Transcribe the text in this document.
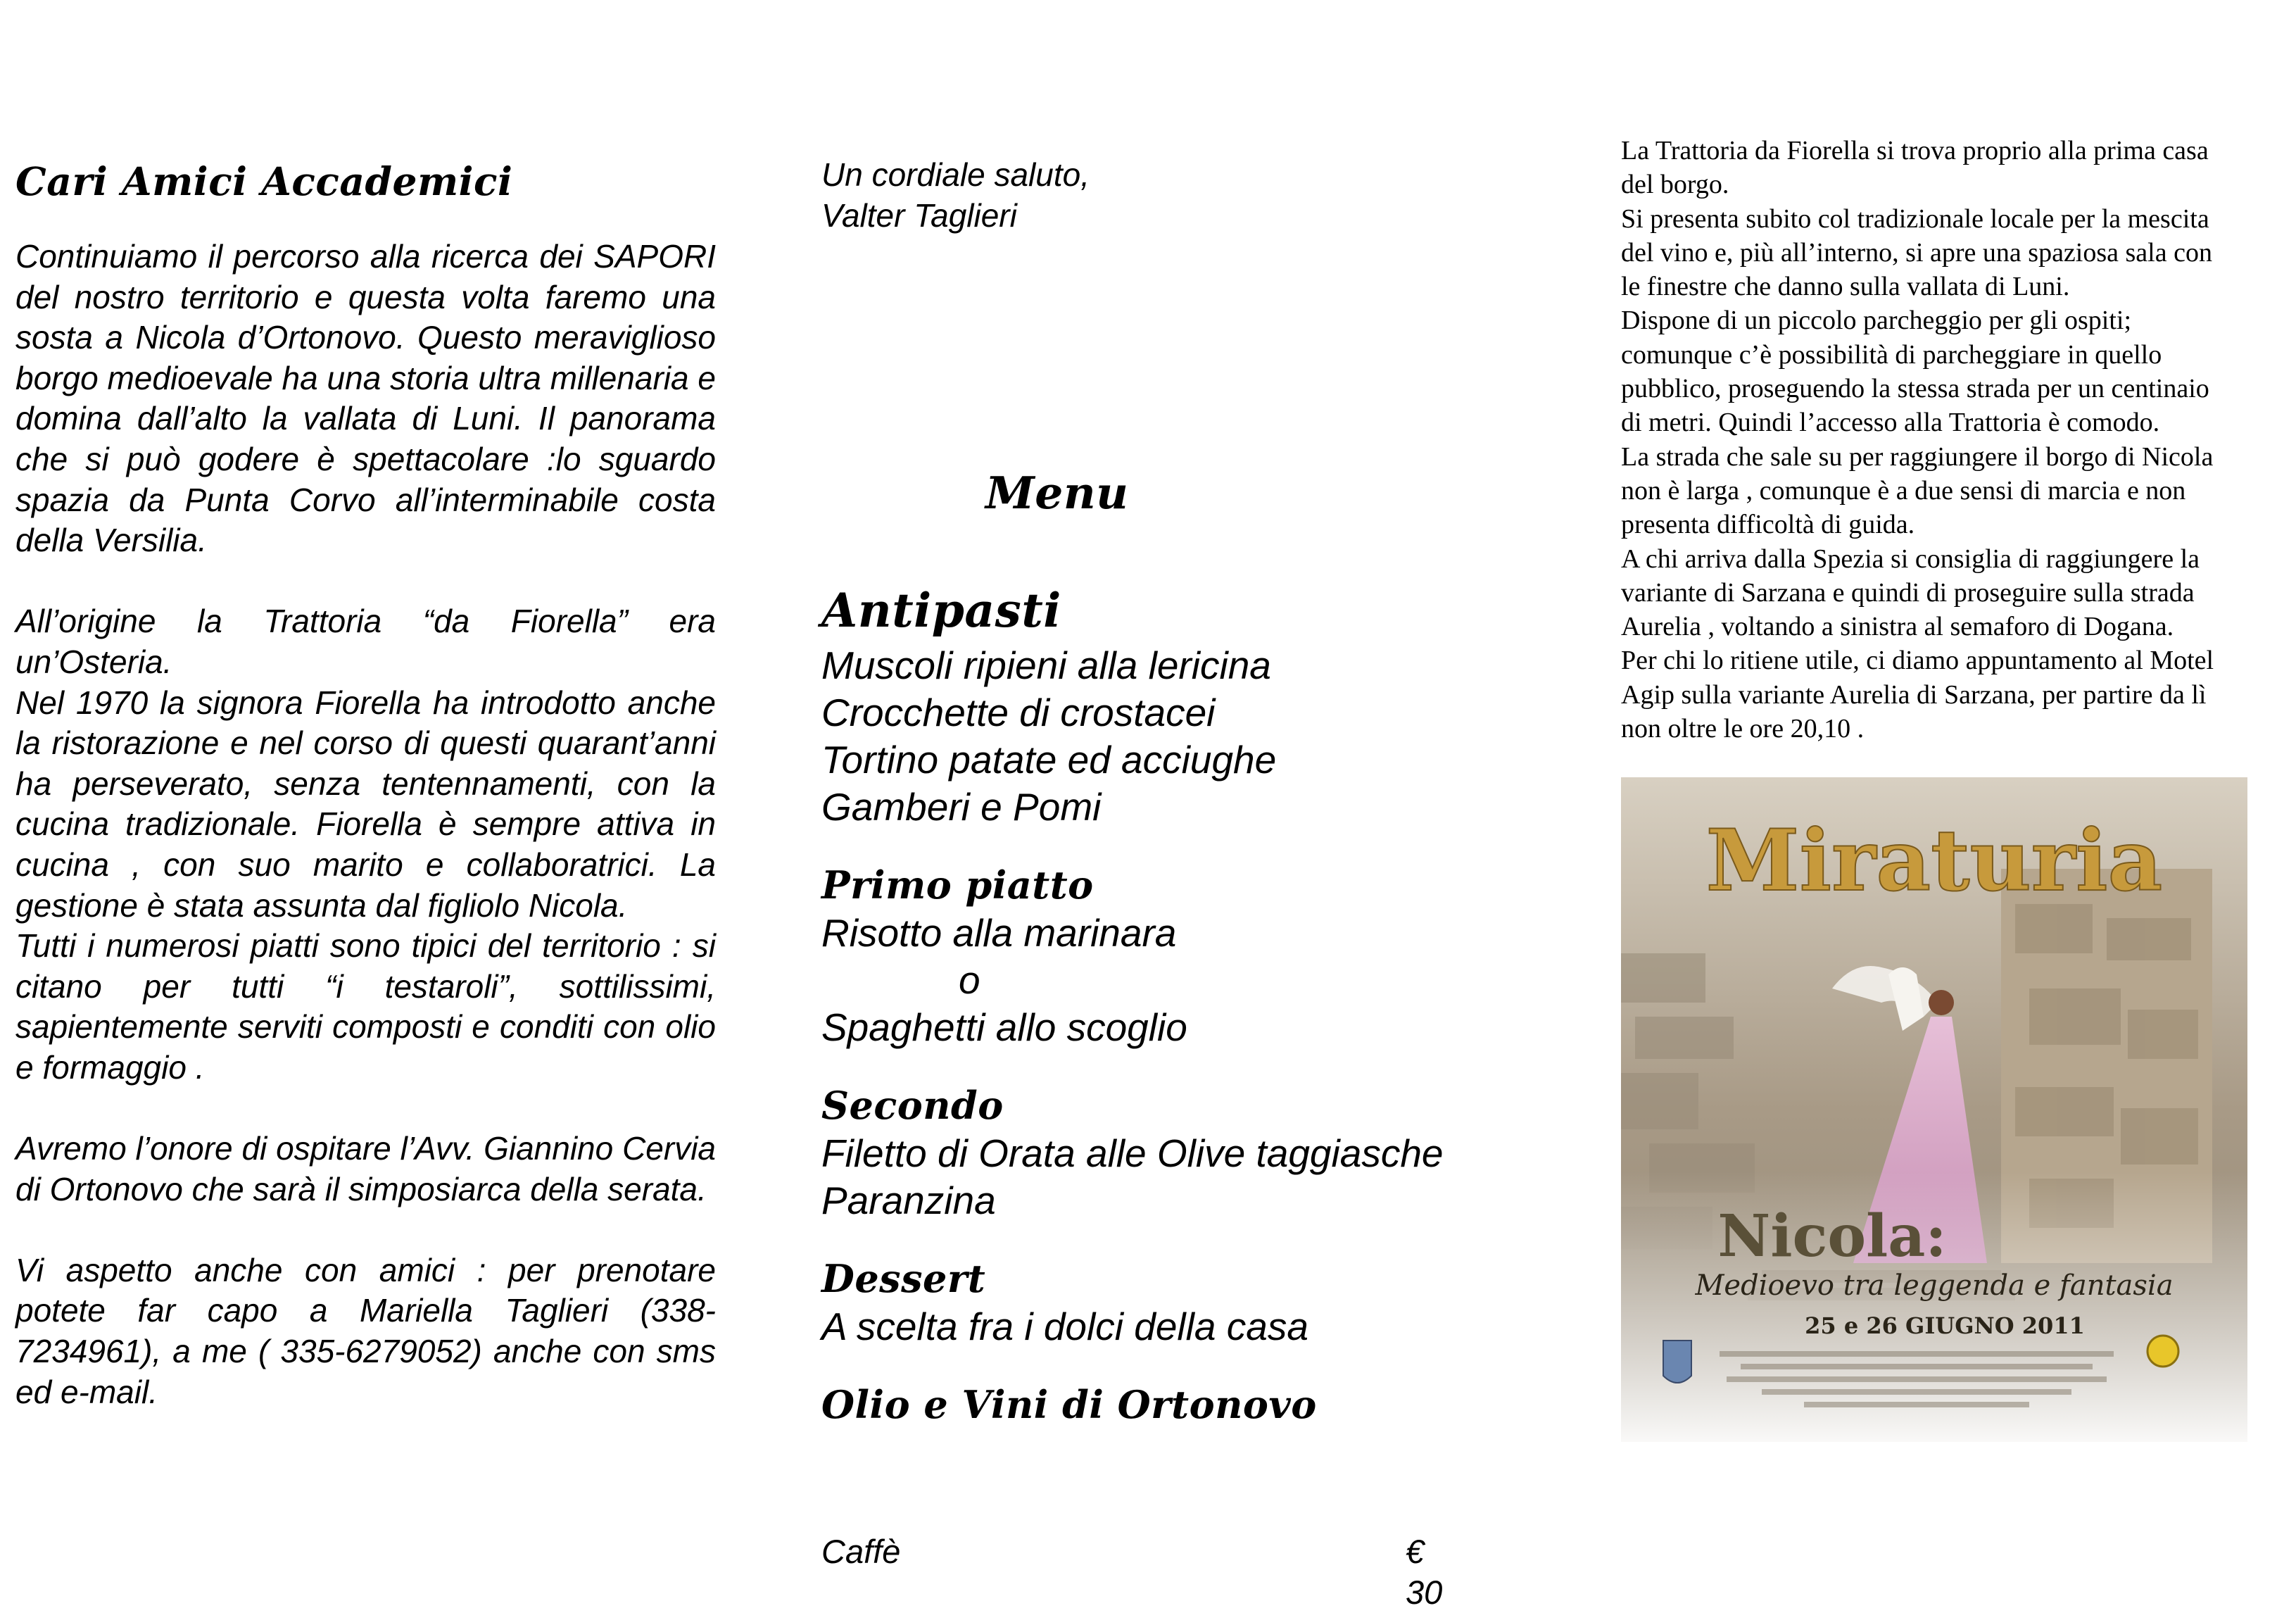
Cari Amici Accademici

Continuiamo il percorso alla ricerca dei SAPORI del nostro territorio e questa volta faremo una sosta a Nicola d’Ortonovo. Questo meraviglioso borgo medioevale ha una storia ultra millenaria e domina dall’alto la vallata di Luni. Il panorama che si può godere è spettacolare :lo sguardo spazia da Punta Corvo all’interminabile costa della Versilia.

All’origine la Trattoria “da Fiorella” era un’Osteria.

Nel 1970 la signora Fiorella ha introdotto anche la ristorazione e nel corso di questi quarant’anni ha perseverato, senza tentennamenti, con la cucina tradizionale. Fiorella è sempre attiva in cucina , con suo marito e collaboratrici. La gestione è stata assunta dal figliolo Nicola.

Tutti i numerosi piatti sono tipici del territorio : si citano per tutti “i testaroli”, sottilissimi, sapientemente serviti composti e conditi con olio e formaggio .

Avremo l’onore di ospitare l’Avv. Giannino Cervia di Ortonovo che sarà il simposiarca della serata.

Vi aspetto anche con amici : per prenotare potete far capo a Mariella Taglieri (338-7234961), a me ( 335-6279052) anche con sms ed e-mail.

Un cordiale saluto,
Valter Taglieri
Menu
Antipasti
Muscoli ripieni alla lericina
Crocchette di crostacei
Tortino patate ed acciughe
Gamberi e Pomi
Primo piatto
Risotto alla marinara
o
Spaghetti allo scoglio
Secondo
Filetto di Orata alle Olive taggiasche
Paranzina
Dessert
A scelta fra i dolci della casa
Olio e Vini di Ortonovo
Caffè	€ 30

La Trattoria da Fiorella si trova proprio alla prima casa

del borgo.

Si presenta subito col tradizionale locale per la mescita

del vino e, più all’interno, si apre una spaziosa sala con

le finestre che danno sulla vallata di Luni.

Dispone di un piccolo parcheggio per gli ospiti;

comunque c’è possibilità di parcheggiare in quello

pubblico, proseguendo la stessa strada per un centinaio

di metri. Quindi l’accesso alla Trattoria è comodo.

La strada che sale su per raggiungere il borgo di Nicola

non è larga , comunque è a due sensi di marcia e non

presenta difficoltà di guida.

A chi arriva dalla Spezia si consiglia di raggiungere la

variante di Sarzana e quindi di proseguire sulla strada

Aurelia , voltando a sinistra al semaforo di Dogana.

Per chi lo ritiene utile, ci diamo appuntamento al Motel

Agip sulla variante Aurelia di Sarzana, per partire da lì

non oltre le ore 20,10 .

Miraturia
Nicola:
Medioevo tra leggenda e fantasia
25 e 26 GIUGNO 2011
